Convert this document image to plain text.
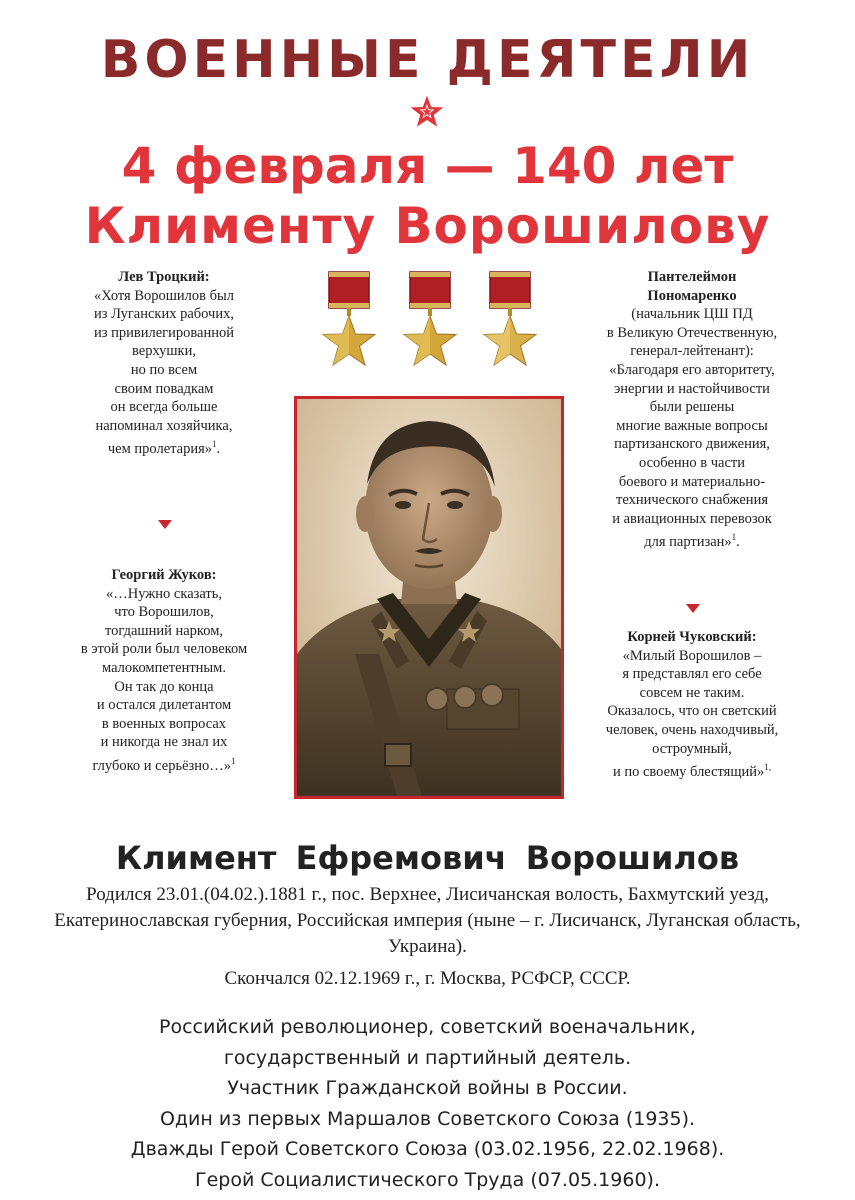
ВОЕННЫЕ ДЕЯТЕЛИ
4 февраля — 140 лет
Клименту Ворошилову
Лев Троцкий:
«Хотя Ворошилов был
из Луганских рабочих,
из привилегированной
верхушки,
но по всем
своим повадкам
он всегда больше
напоминал хозяйчика,
чем пролетария»$^1$.
Георгий Жуков:
«…Нужно сказать,
что Ворошилов,
тогдашний нарком,
в этой роли был человеком
малокомпетентным.
Он так до конца
и остался дилетантом
в военных вопросах
и никогда не знал их
глубоко и серьёзно…»$^1$
Пантелеймон
Пономаренко
(начальник ЦШ ПД
в Великую Отечественную,
генерал-лейтенант):
«Благодаря его авторитету,
энергии и настойчивости
были решены
многие важные вопросы
партизанского движения,
особенно в части
боевого и материально-
технического снабжения
и авиационных перевозок
для партизан»$^1$.
Корней Чуковский:
«Милый Ворошилов –
я представлял его себе
совсем не таким.
Оказалось, что он светский
человек, очень находчивый,
остроумный,
и по своему блестящий»$^{1,}$
Климент Ефремович Ворошилов
Родился 23.01.(04.02.).1881 г., пос. Верхнее, Лисичанская волость, Бахмутский уезд, Екатеринославская губерния, Российская империя (ныне – г. Лисичанск, Луганская область, Украина).
Скончался 02.12.1969 г., г. Москва, РСФСР, СССР.
Российский революционер, советский военачальник,
государственный и партийный деятель.
Участник Гражданской войны в России.
Один из первых Маршалов Советского Союза (1935).
Дважды Герой Советского Союза (03.02.1956, 22.02.1968).
Герой Социалистического Труда (07.05.1960).
